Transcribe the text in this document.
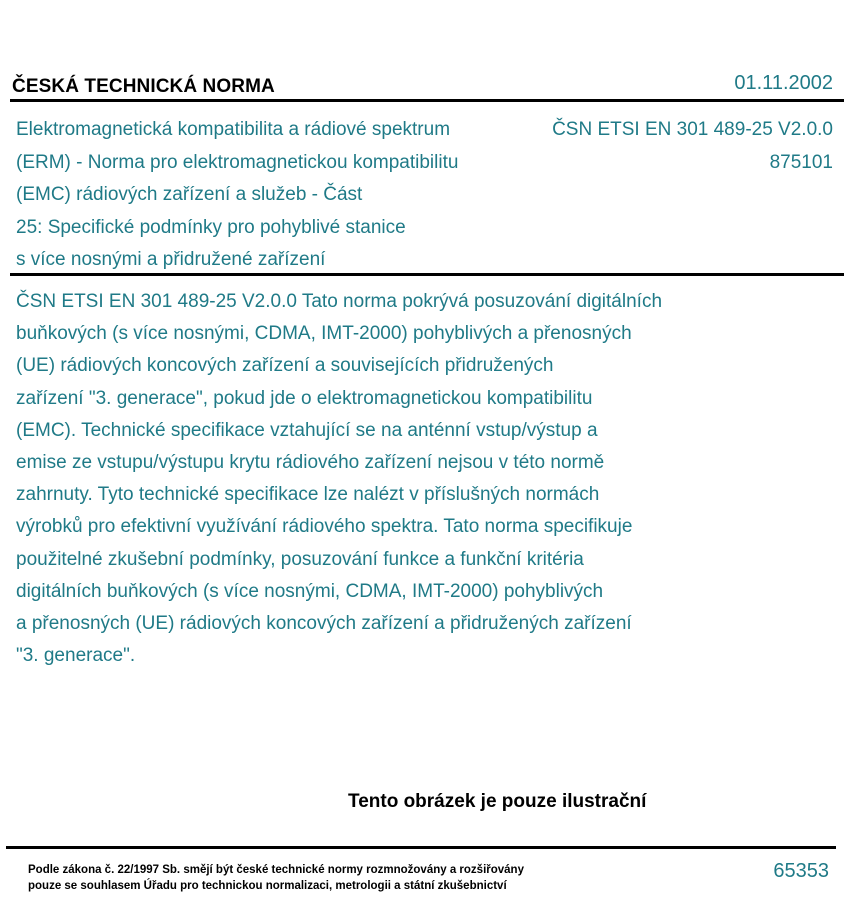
ČESKÁ TECHNICKÁ NORMA	01.11.2002
Elektromagnetická kompatibilita a rádiové spektrum
(ERM) - Norma pro elektromagnetickou kompatibilitu
(EMC) rádiových zařízení a služeb - Část
25: Specifické podmínky pro pohyblivé stanice
s více nosnými a přidružené zařízení
ČSN ETSI EN 301 489-25 V2.0.0
875101
ČSN ETSI EN 301 489-25 V2.0.0 Tato norma pokrývá posuzování digitálních
buňkových (s více nosnými, CDMA, IMT-2000) pohyblivých a přenosných
(UE) rádiových koncových zařízení a souvisejících přidružených
zařízení "3. generace", pokud jde o elektromagnetickou kompatibilitu
(EMC). Technické specifikace vztahující se na anténní vstup/výstup a
emise ze vstupu/výstupu krytu rádiového zařízení nejsou v této normě
zahrnuty. Tyto technické specifikace lze nalézt v příslušných normách
výrobků pro efektivní využívání rádiového spektra. Tato norma specifikuje
použitelné zkušební podmínky, posuzování funkce a funkční kritéria
digitálních buňkových (s více nosnými, CDMA, IMT-2000) pohyblivých
a přenosných (UE) rádiových koncových zařízení a přidružených zařízení
"3. generace".
Tento obrázek je pouze ilustrační
Podle zákona č. 22/1997 Sb. smějí být české technické normy rozmnožovány a rozšiřovány
pouze se souhlasem Úřadu pro technickou normalizaci, metrologii a státní zkušebnictví
65353
